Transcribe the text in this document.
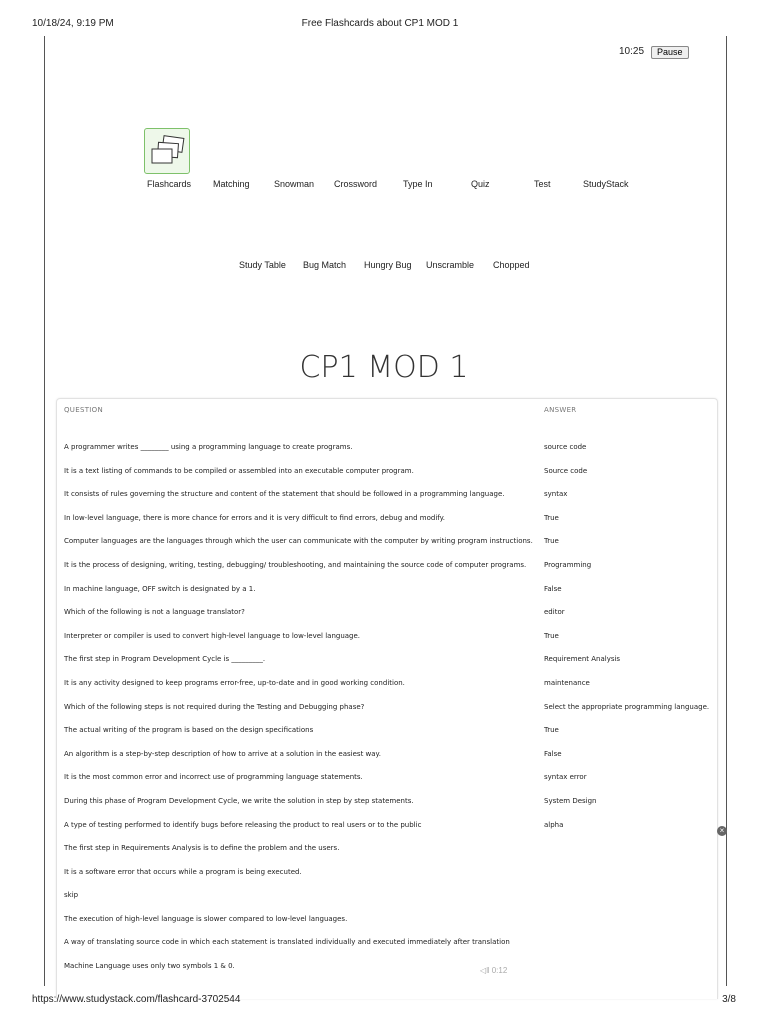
10/18/24, 9:19 PM	Free Flashcards about CP1 MOD 1
10:25	Pause
Flashcards Matching	Snowman Crossword	Type In	Quiz	Test	StudyStack
Study Table Bug Match Hungry Bug Unscramble Chopped
CP1 MOD 1
QUESTION	ANSWER
A programmer writes ________ using a programming language to create programs.	source code
It is a text listing of commands to be compiled or assembled into an executable computer program.	Source code
It consists of rules governing the structure and content of the statement that should be followed in a programming language.	syntax
In low-level language, there is more chance for errors and it is very difficult to find errors, debug and modify.	True
Computer languages are the languages through which the user can communicate with the computer by writing program instructions. True
It is the process of designing, writing, testing, debugging/ troubleshooting, and maintaining the source code of computer programs.	Programming
In machine language, OFF switch is designated by a 1.	False
Which of the following is not a language translator?	editor
Interpreter or compiler is used to convert high-level language to low-level language.	True
The first step in Program Development Cycle is _________.	Requirement Analysis
It is any activity designed to keep programs error-free, up-to-date and in good working condition.	maintenance
Which of the following steps is not required during the Testing and Debugging phase?	Select the appropriate programming language.
The actual writing of the program is based on the design specifications	True
An algorithm is a step-by-step description of how to arrive at a solution in the easiest way.	False
It is the most common error and incorrect use of programming language statements.	syntax error
During this phase of Program Development Cycle, we write the solution in step by step statements.	System Design
A type of testing performed to identify bugs before releasing the product to real users or to the public	alpha
The first step in Requirements Analysis is to define the problem and the users.
It is a software error that occurs while a program is being executed.
skip
The execution of high-level language is slower compared to low-level languages.
A way of translating source code in which each statement is translated individually and executed immediately after translation
Machine Language uses only two symbols 1 & 0.
×
◁‖ 0:12
https://www.studystack.com/flashcard-3702544	3/8
